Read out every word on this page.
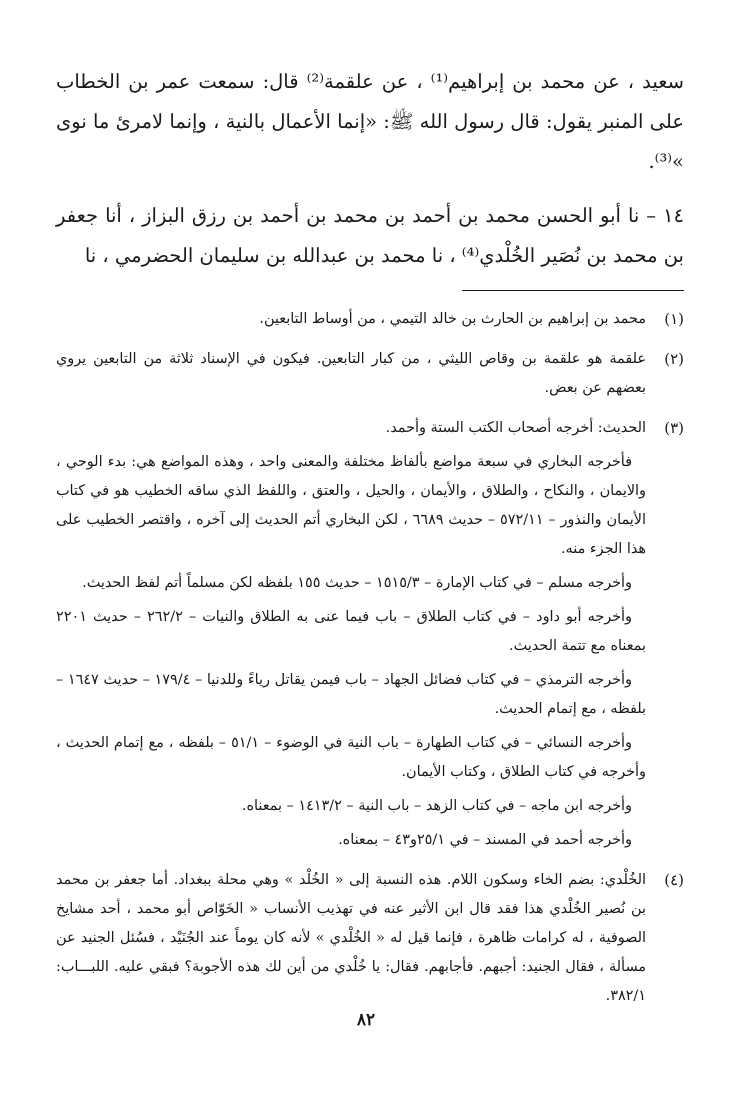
سعيد ، عن محمد بن إبراهيم⁽¹⁾ ، عن علقمة⁽²⁾ قال: سمعت عمر بن الخطاب على المنبر يقول: قال رسول الله ﷺ: «إنما الأعمال بالنية ، وإنما لامرئ ما نوى »⁽³⁾.

١٤ – نا أبو الحسن محمد بن أحمد بن محمد بن أحمد بن رزق البزاز ، أنا جعفر بن محمد بن نُصَير الخُلْدي⁽⁴⁾ ، نا محمد بن عبدالله بن سليمان الحضرمي ، نا

(١)

محمد بن إبراهيم بن الحارث بن خالد التيمي ، من أوساط التابعين.

(٢)

علقمة هو علقمة بن وقاص الليثي ، من كبار التابعين. فيكون في الإسناد ثلاثة من التابعين يروي بعضهم عن بعض.

(٣)

الحديث: أخرجه أصحاب الكتب الستة وأحمد.

فأخرجه البخاري في سبعة مواضع بألفاظ مختلفة والمعنى واحد ، وهذه المواضع هي: بدء الوحي ، والايمان ، والنكاح ، والطلاق ، والأيمان ، والحيل ، والعتق ، واللفظ الذي ساقه الخطيب هو في كتاب الأيمان والنذور – ٥٧٢/١١ – حديث ٦٦٨٩ ، لكن البخاري أتم الحديث إلى آخره ، واقتصر الخطيب على هذا الجزء منه.

وأخرجه مسلم – في كتاب الإمارة – ١٥١٥/٣ – حديث ١٥٥ بلفظه لكن مسلماً أتم لفظ الحديث.

وأخرجه أبو داود – في كتاب الطلاق – باب فيما عنى به الطلاق والنيات – ٢٦٢/٢ – حديث ٢٢٠١ بمعناه مع تتمة الحديث.

وأخرجه الترمذي – في كتاب فضائل الجهاد – باب فيمن يقاتل رياءً وللدنيا – ١٧٩/٤ – حديث ١٦٤٧ – بلفظه ، مع إتمام الحديث.

وأخرجه النسائي – في كتاب الطهارة – باب النية في الوضوء – ٥١/١ – بلفظه ، مع إتمام الحديث ، وأخرجه في كتاب الطلاق ، وكتاب الأيمان.

وأخرجه ابن ماجه – في كتاب الزهد – باب النية – ١٤١٣/٢ – بمعناه.

وأخرجه أحمد في المسند – في ٢٥/١و٤٣ – بمعناه.

(٤)

الخُلْدي: بضم الخاء وسكون اللام. هذه النسبة إلى « الخُلْد » وهي محلة ببغداد. أما جعفر بن محمد بن نُصير الخُلْدي هذا فقد قال ابن الأثير عنه في تهذيب الأنساب « الخَوّاص أبو محمد ، أحد مشايخ الصوفية ، له كرامات ظاهرة ، فإنما قيل له « الخُلْدي » لأنه كان يوماً عند الجُنَيْد ، فسُئل الجنيد عن مسألة ، فقال الجنيد: أجبهم. فأجابهم. فقال: يا خُلْدي من أين لك هذه الأجوبة؟ فبقي عليه. اللبـــاب: ٣٨٢/١.

٨٢
